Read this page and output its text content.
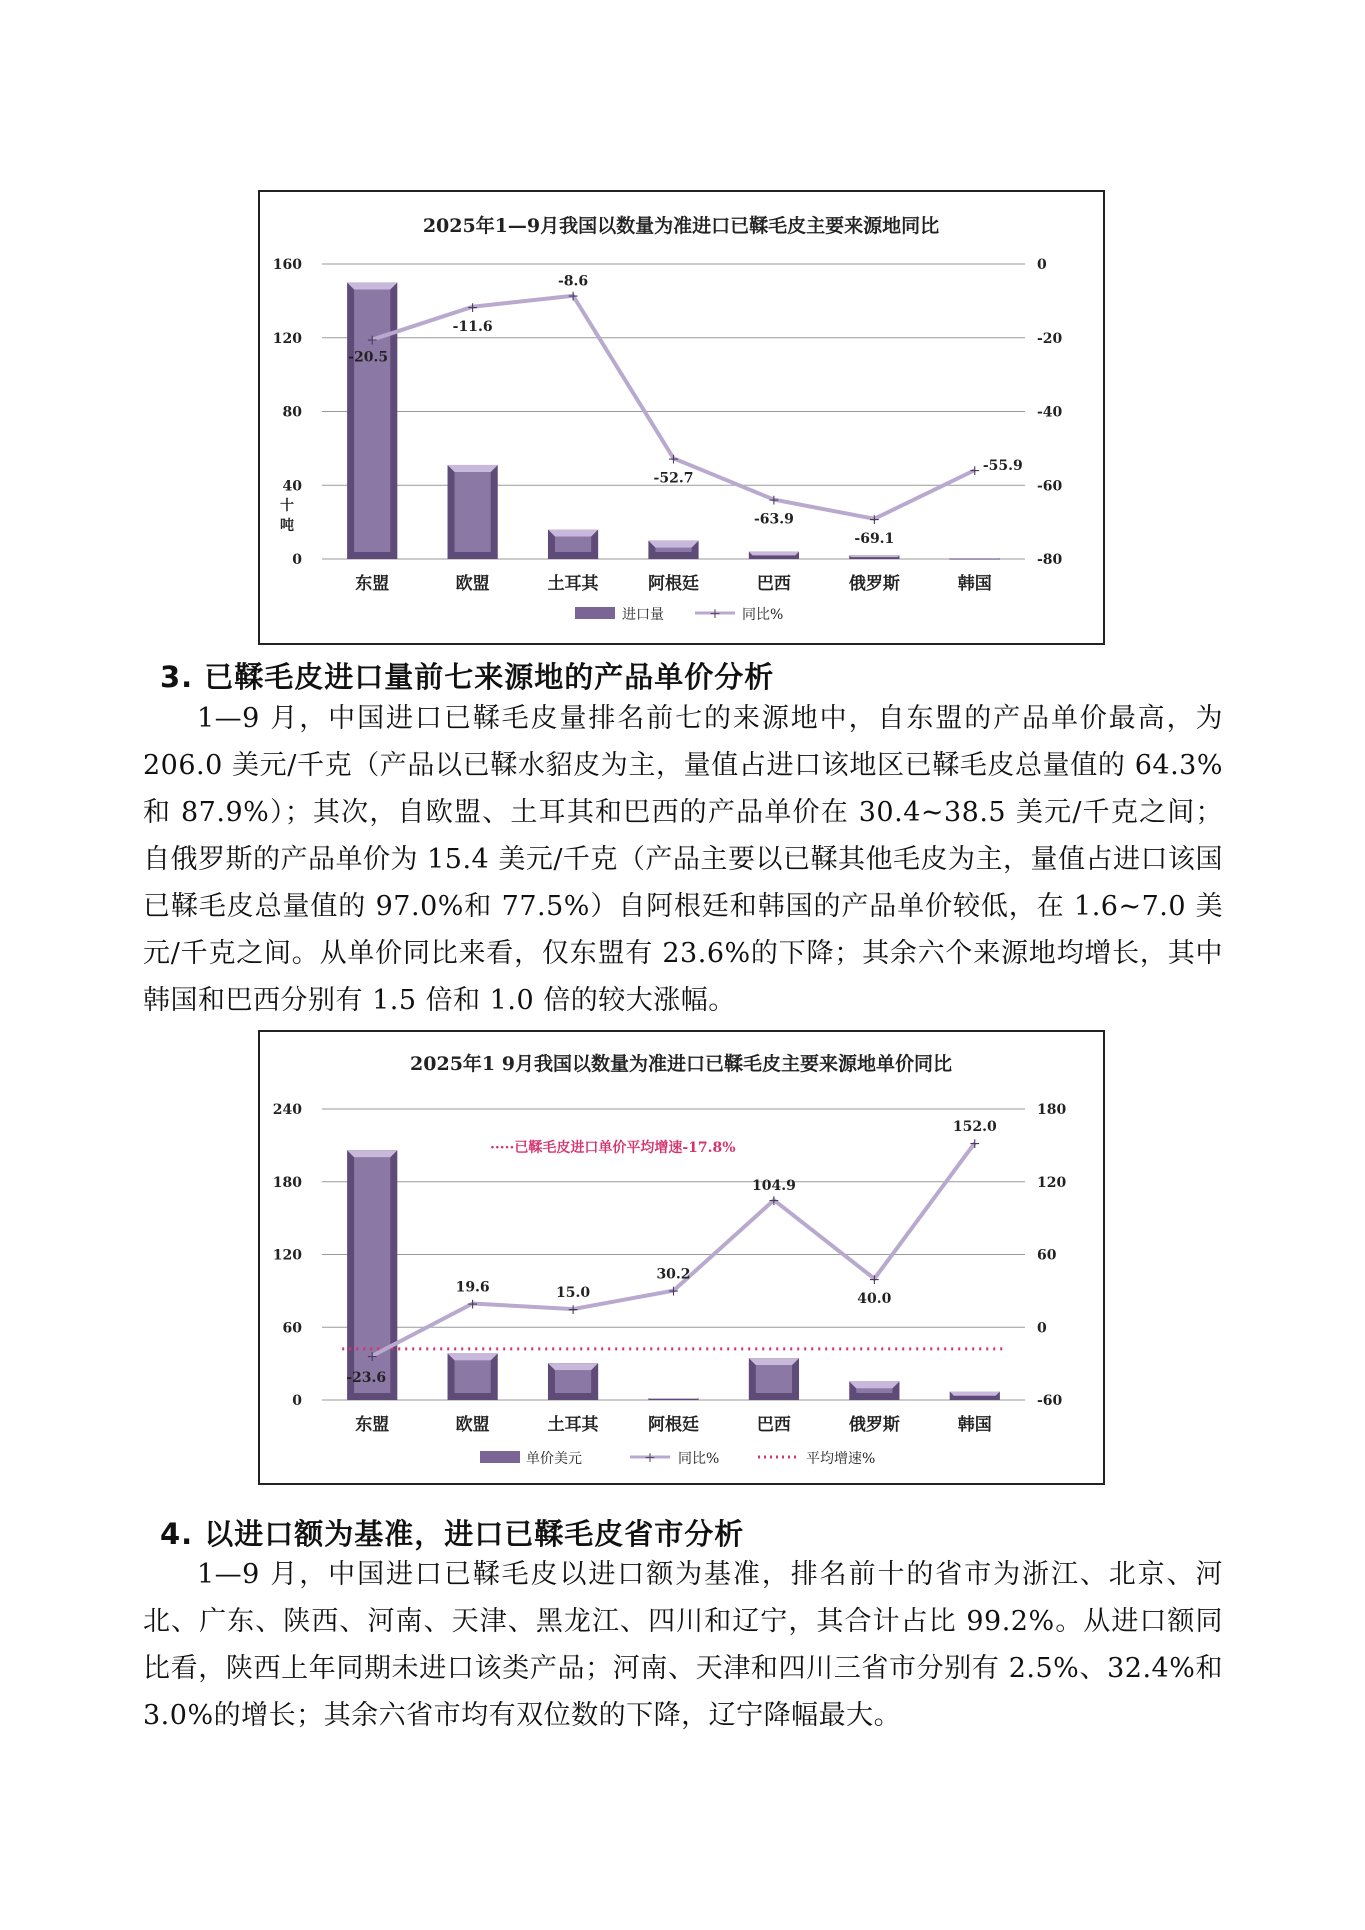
2025年1—9月我国以数量为准进口已鞣毛皮主要来源地同比
160
120
80
40
0
0
-20
-40
-60
-80
十
吨
+
+
+
+
+
+
+
-20.5
-11.6
-8.6
-52.7
-63.9
-69.1
-55.9
东盟	欧盟	土耳其	阿根廷	巴西	俄罗斯	韩国
进口量	+ 同比%
3. 已鞣毛皮进口量前七来源地的产品单价分析
1—9 月，中国进口已鞣毛皮量排名前七的来源地中，自东盟的产品单价最高，为 206.0 美元/千克（产品以已鞣水貂皮为主，量值占进口该地区已鞣毛皮总量值的 64.3%和 87.9%）；其次，自欧盟、土耳其和巴西的产品单价在 30.4~38.5 美元/千克之间；自俄罗斯的产品单价为 15.4 美元/千克（产品主要以已鞣其他毛皮为主，量值占进口该国已鞣毛皮总量值的 97.0%和 77.5%）自阿根廷和韩国的产品单价较低，在 1.6~7.0 美元/千克之间。从单价同比来看，仅东盟有 23.6%的下降；其余六个来源地均增长，其中韩国和巴西分别有 1.5 倍和 1.0 倍的较大涨幅。
2025年1 9月我国以数量为准进口已鞣毛皮主要来源地单价同比
240
180
120
60
0
180
120
60
0
-60
+
+	+
+
+
+
+
-23.6
19.6	15.0
30.2
104.9
40.0
152.0
东盟	欧盟	土耳其	阿根廷	巴西	俄罗斯	韩国
·····已鞣毛皮进口单价平均增速-17.8%
单价美元	+ 同比%	平均增速%
4. 以进口额为基准，进口已鞣毛皮省市分析
1—9 月，中国进口已鞣毛皮以进口额为基准，排名前十的省市为浙江、北京、河北、广东、陕西、河南、天津、黑龙江、四川和辽宁，其合计占比 99.2%。从进口额同比看，陕西上年同期未进口该类产品；河南、天津和四川三省市分别有 2.5%、32.4%和 3.0%的增长；其余六省市均有双位数的下降，辽宁降幅最大。
